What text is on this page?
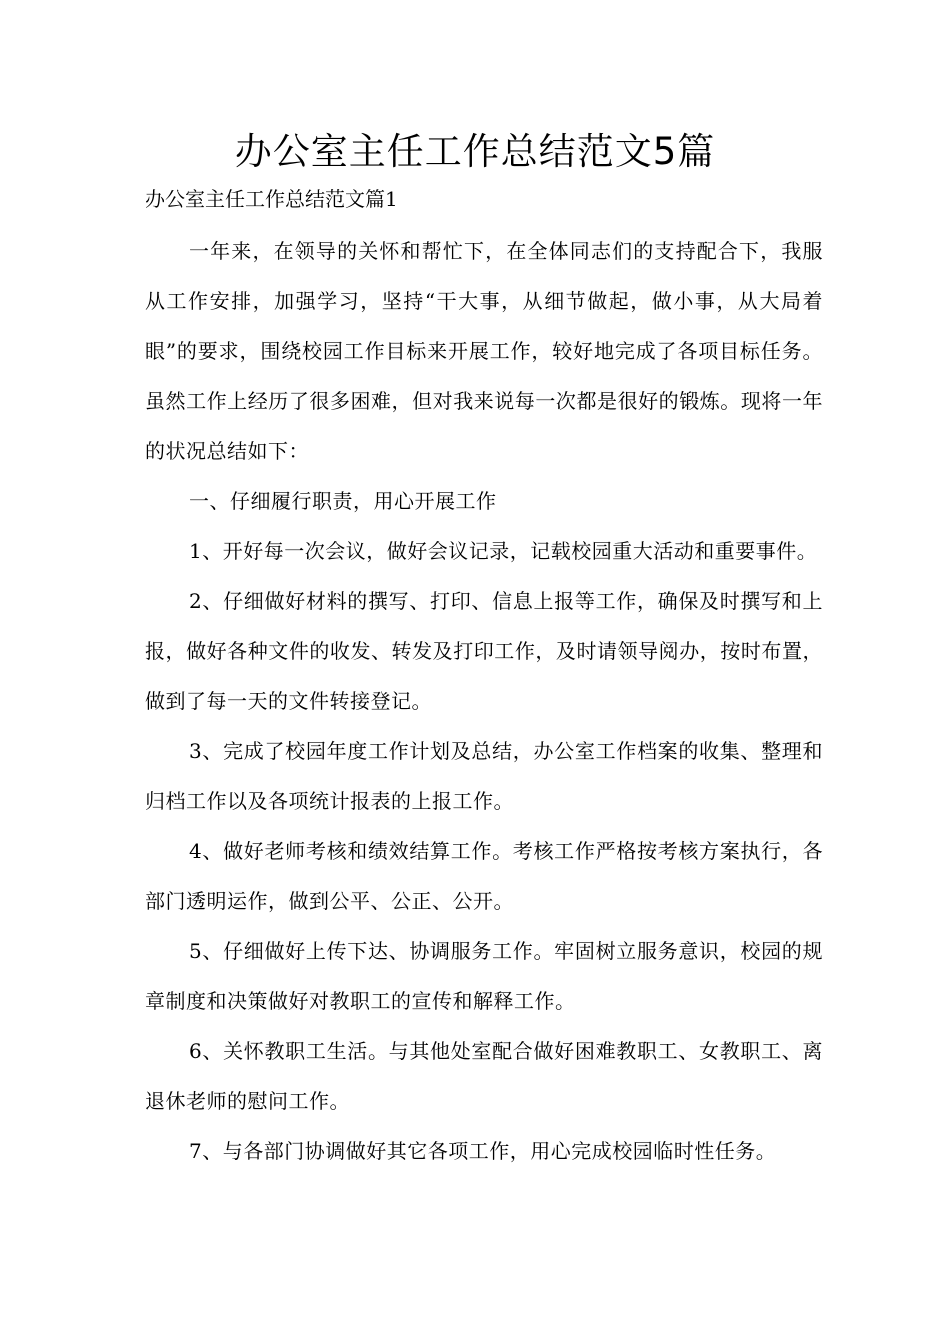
办公室主任工作总结范文5篇

办公室主任工作总结范文篇1

一年来，在领导的关怀和帮忙下，在全体同志们的支持配合下，我服从工作安排，加强学习，坚持“干大事，从细节做起，做小事，从大局着眼”的要求，围绕校园工作目标来开展工作，较好地完成了各项目标任务。虽然工作上经历了很多困难，但对我来说每一次都是很好的锻炼。现将一年的状况总结如下：

一、仔细履行职责，用心开展工作

1、开好每一次会议，做好会议记录，记载校园重大活动和重要事件。

2、仔细做好材料的撰写、打印、信息上报等工作，确保及时撰写和上报，做好各种文件的收发、转发及打印工作，及时请领导阅办，按时布置，做到了每一天的文件转接登记。

3、完成了校园年度工作计划及总结，办公室工作档案的收集、整理和归档工作以及各项统计报表的上报工作。

4、做好老师考核和绩效结算工作。考核工作严格按考核方案执行，各部门透明运作，做到公平、公正、公开。

5、仔细做好上传下达、协调服务工作。牢固树立服务意识，校园的规章制度和决策做好对教职工的宣传和解释工作。

6、关怀教职工生活。与其他处室配合做好困难教职工、女教职工、离退休老师的慰问工作。

7、与各部门协调做好其它各项工作，用心完成校园临时性任务。
